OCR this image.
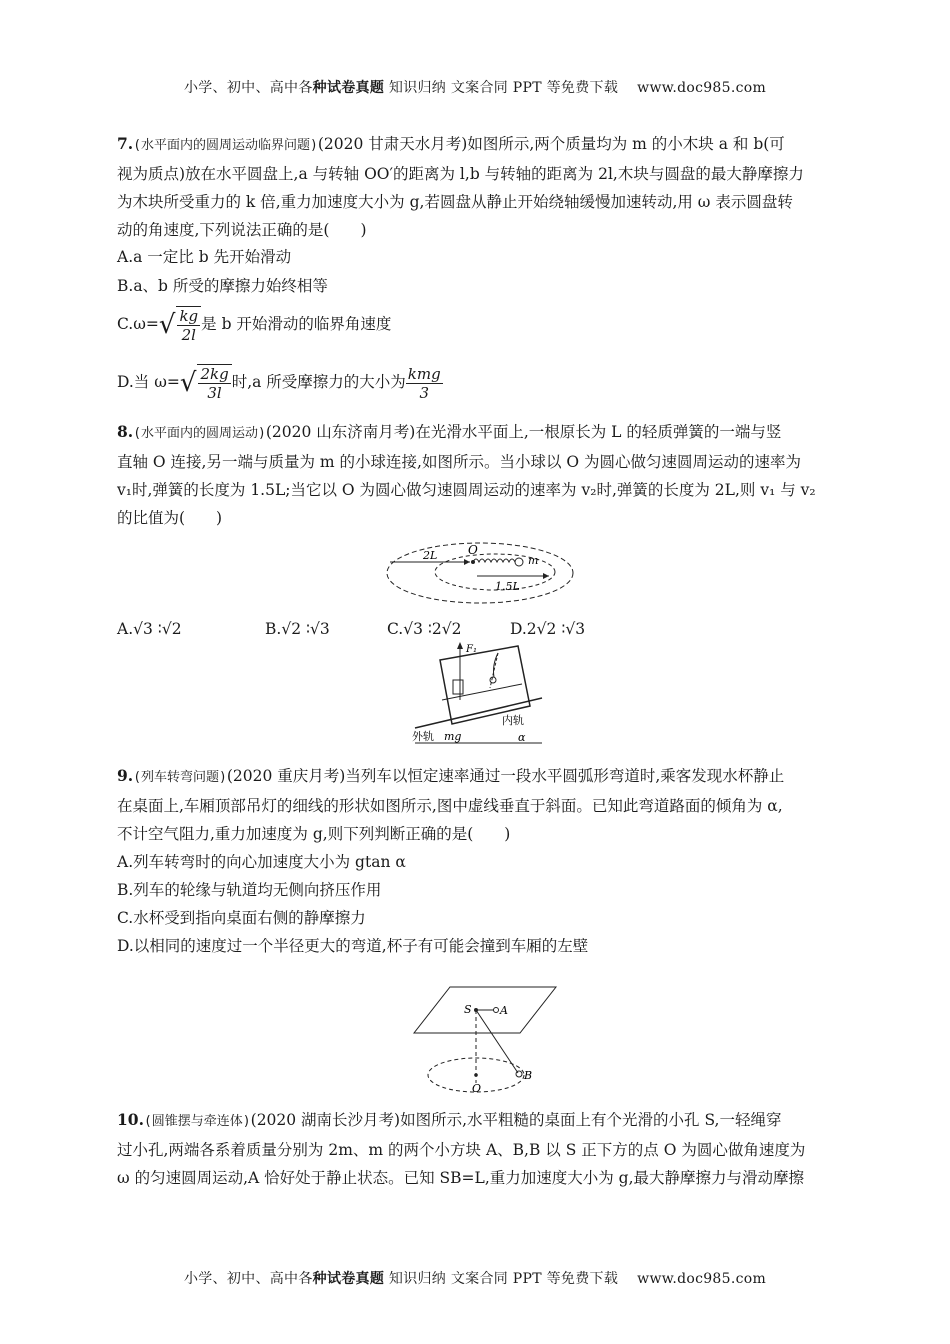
小学、初中、高中各种试卷真题 知识归纳 文案合同 PPT 等免费下载 www.doc985.com
7.(水平面内的圆周运动临界问题)(2020 甘肃天水月考)如图所示,两个质量均为 m 的小木块 a 和 b(可
视为质点)放在水平圆盘上,a 与转轴 OO′的距离为 l,b 与转轴的距离为 2l,木块与圆盘的最大静摩擦力
为木块所受重力的 k 倍,重力加速度大小为 g,若圆盘从静止开始绕轴缓慢加速转动,用 ω 表示圆盘转
动的角速度,下列说法正确的是(　　)
A.a 一定比 b 先开始滑动
B.a、b 所受的摩擦力始终相等
$C.\omega=√ \frac{kg}{2l}$ 是 b 开始滑动的临界角速度
D.当 $\omega=√ \frac{2kg}{3l}$ 时,a 所受摩擦力的大小为 $\frac{\text{kmg}}{3}$
8.(水平面内的圆周运动)(2020 山东济南月考)在光滑水平面上,一根原长为 L 的轻质弹簧的一端与竖
直轴 O 连接,另一端与质量为 m 的小球连接,如图所示。当小球以 O 为圆心做匀速圆周运动的速率为
v₁时,弹簧的长度为 1.5L;当它以 O 为圆心做匀速圆周运动的速率为 v₂时,弹簧的长度为 2L,则 v₁ 与 v₂
的比值为(　　)
O
2L
1.5L
m
A.√3 ∶√2	B.√2 ∶√3	C.√3 ∶2√2	D.2√2 ∶√3
F₁
内轨
外轨 mg	α
9.(列车转弯问题)(2020 重庆月考)当列车以恒定速率通过一段水平圆弧形弯道时,乘客发现水杯静止
在桌面上,车厢顶部吊灯的细线的形状如图所示,图中虚线垂直于斜面。已知此弯道路面的倾角为 α,
不计空气阻力,重力加速度为 g,则下列判断正确的是(　　)
A.列车转弯时的向心加速度大小为 gtan α
B.列车的轮缘与轨道均无侧向挤压作用
C.水杯受到指向桌面右侧的静摩擦力
D.以相同的速度过一个半径更大的弯道,杯子有可能会撞到车厢的左壁
S	A
O
B
10.(圆锥摆与牵连体)(2020 湖南长沙月考)如图所示,水平粗糙的桌面上有个光滑的小孔 S,一轻绳穿
过小孔,两端各系着质量分别为 2m、m 的两个小方块 A、B,B 以 S 正下方的点 O 为圆心做角速度为
ω 的匀速圆周运动,A 恰好处于静止状态。已知 SB=L,重力加速度大小为 g,最大静摩擦力与滑动摩擦
小学、初中、高中各种试卷真题 知识归纳 文案合同 PPT 等免费下载 www.doc985.com
